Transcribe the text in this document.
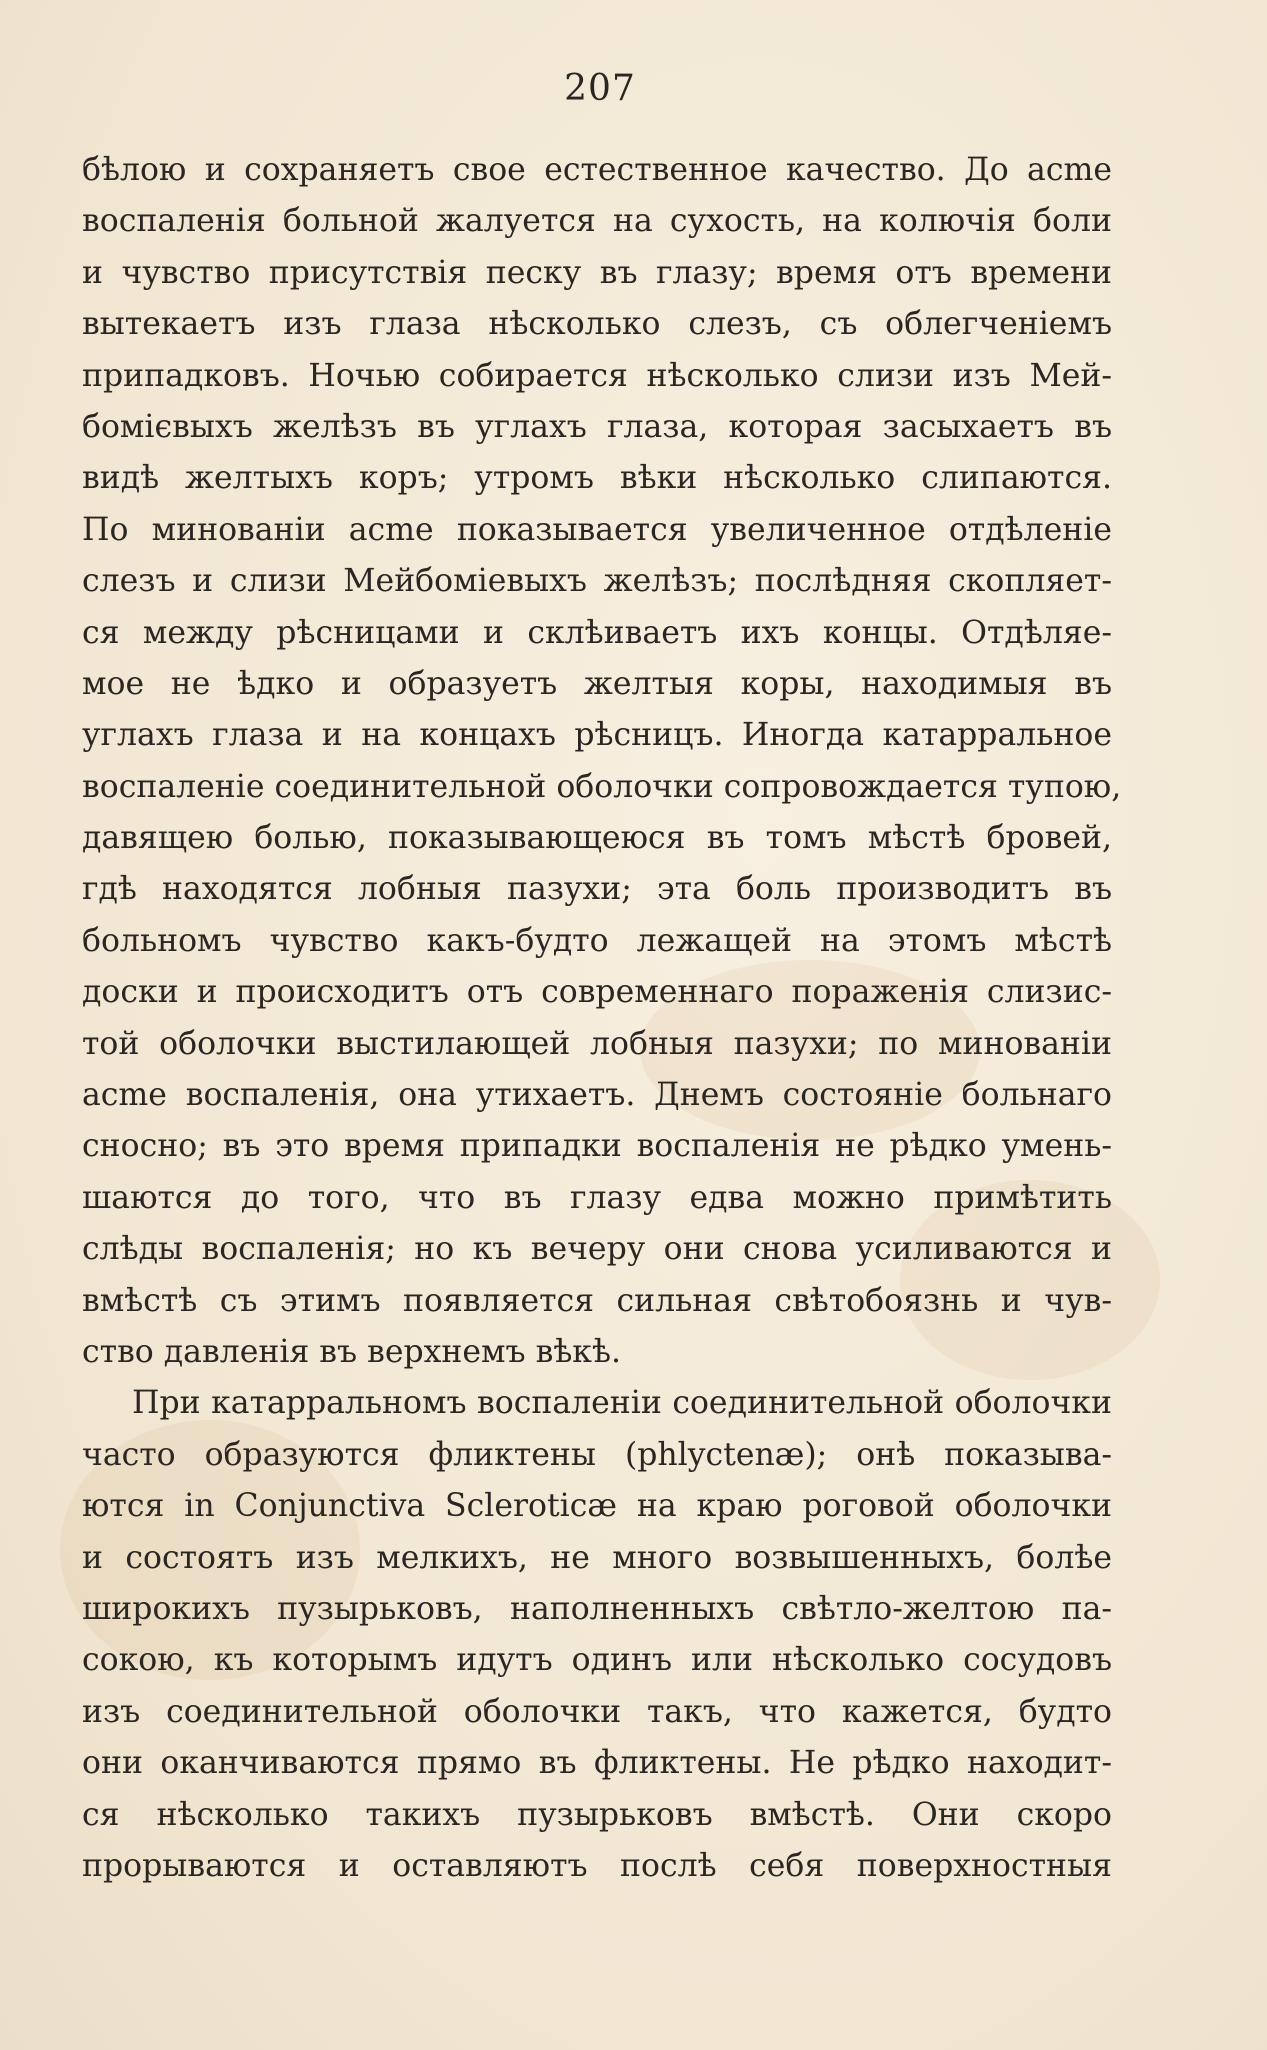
207
бѣлою и сохраняетъ свое естественное качество. До acme
воспаленія больной жалуется на сухость, на колючія боли
и чувство присутствія песку въ глазу; время отъ времени
вытекаетъ изъ глаза нѣсколько слезъ, съ облегченіемъ
припадковъ. Ночью собирается нѣсколько слизи изъ Мей-
бомієвыхъ желѣзъ въ углахъ глаза, которая засыхаетъ въ
видѣ желтыхъ коръ; утромъ вѣки нѣсколько слипаются.
По минованіи acme показывается увеличенное отдѣленіе
слезъ и слизи Мейбоміевыхъ желѣзъ; послѣдняя скопляет-
ся между рѣсницами и склѣиваетъ ихъ концы. Отдѣляе-
мое не ѣдко и образуетъ желтыя коры, находимыя въ
углахъ глаза и на концахъ рѣсницъ. Иногда катарральное
воспаленіе соединительной оболочки сопровождается тупою,
давящею болью, показывающеюся въ томъ мѣстѣ бровей,
гдѣ находятся лобныя пазухи; эта боль производитъ въ
больномъ чувство какъ-будто лежащей на этомъ мѣстѣ
доски и происходитъ отъ современнаго пораженія слизис-
той оболочки выстилающей лобныя пазухи; по минованіи
acme воспаленія, она утихаетъ. Днемъ состояніе больнаго
сносно; въ это время припадки воспаленія не рѣдко умень-
шаются до того, что въ глазу едва можно примѣтить
слѣды воспаленія; но къ вечеру они снова усиливаются и
вмѣстѣ съ этимъ появляется сильная свѣтобоязнь и чув-
ство давленія въ верхнемъ вѣкѣ.
При катарральномъ воспаленіи соединительной оболочки
часто образуются фликтены (phlyctenæ); онѣ показыва-
ются in Conjunctiva Scleroticæ на краю роговой оболочки
и состоятъ изъ мелкихъ, не много возвышенныхъ, болѣе
широкихъ пузырьковъ, наполненныхъ свѣтло-желтою па-
сокою, къ которымъ идутъ одинъ или нѣсколько сосудовъ
изъ соединительной оболочки такъ, что кажется, будто
они оканчиваются прямо въ фликтены. Не рѣдко находит-
ся нѣсколько такихъ пузырьковъ вмѣстѣ. Они скоро
прорываются и оставляютъ послѣ себя поверхностныя
